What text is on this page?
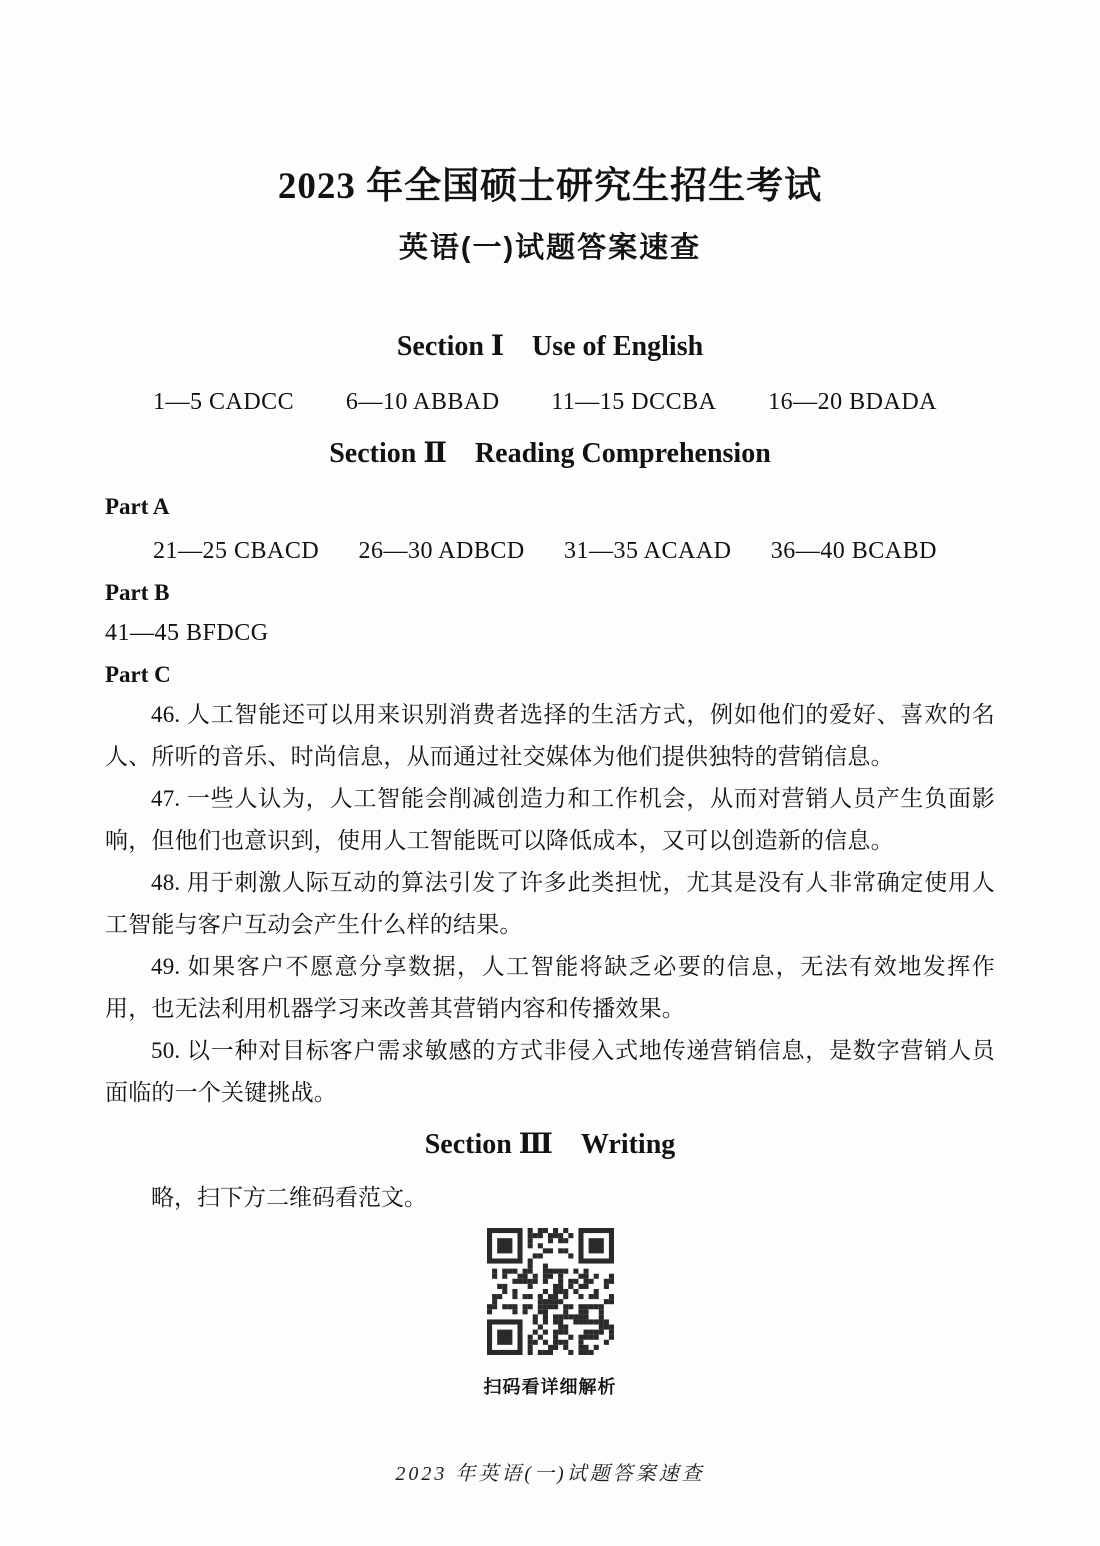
2023 年全国硕士研究生招生考试
英语(一)试题答案速查
Section Ⅰ Use of English
1—5 CADCC 6—10 ABBAD 11—15 DCCBA 16—20 BDADA
Section Ⅱ Reading Comprehension
Part A
21—25 CBACD 26—30 ADBCD 31—35 ACAAD 36—40 BCABD
Part B
41—45 BFDCG
Part C

46. 人工智能还可以用来识别消费者选择的生活方式，例如他们的爱好、喜欢的名人、所听的音乐、时尚信息，从而通过社交媒体为他们提供独特的营销信息。

47. 一些人认为，人工智能会削减创造力和工作机会，从而对营销人员产生负面影响，但他们也意识到，使用人工智能既可以降低成本，又可以创造新的信息。

48. 用于刺激人际互动的算法引发了许多此类担忧，尤其是没有人非常确定使用人工智能与客户互动会产生什么样的结果。

49. 如果客户不愿意分享数据，人工智能将缺乏必要的信息，无法有效地发挥作用，也无法利用机器学习来改善其营销内容和传播效果。

50. 以一种对目标客户需求敏感的方式非侵入式地传递营销信息，是数字营销人员面临的一个关键挑战。

Section Ⅲ Writing
略，扫下方二维码看范文。
扫码看详细解析
2023 年英语(一)试题答案速查
